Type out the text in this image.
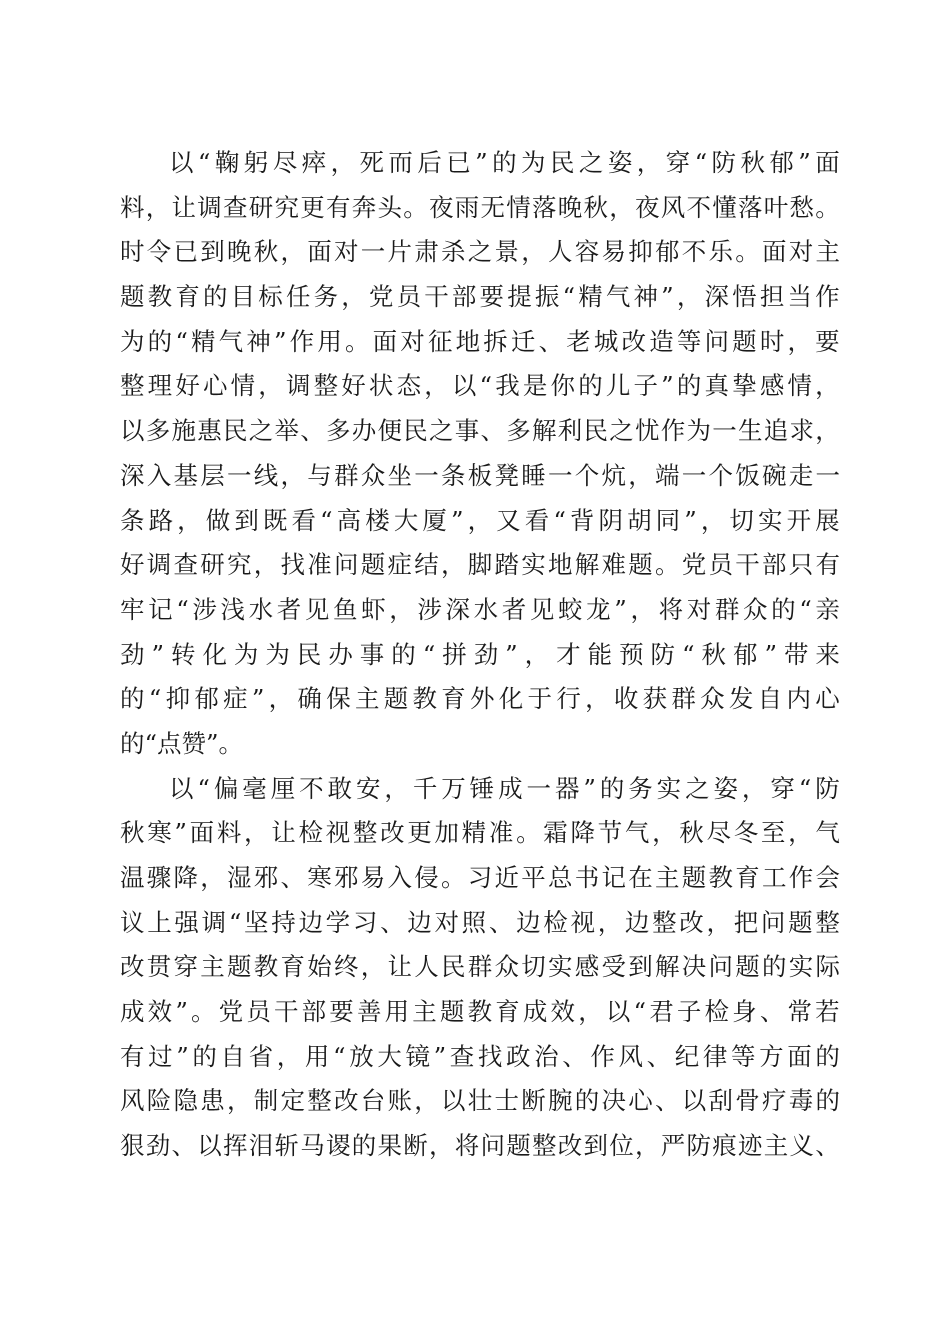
以 “ 鞠 躬 尽 瘁 ， 死 而 后 已 ” 的 为 民 之 姿 ， 穿 “ 防 秋 郁 ” 面
料 ， 让 调 查 研 究 更 有 奔 头 。 夜 雨 无 情 落 晚 秋 ， 夜 风 不 懂 落 叶 愁 。
时 令 已 到 晚 秋 ， 面 对 一 片 肃 杀 之 景 ， 人 容 易 抑 郁 不 乐 。 面 对 主
题 教 育 的 目 标 任 务 ， 党 员 干 部 要 提 振 “ 精 气 神 ” ， 深 悟 担 当 作
为 的 “ 精 气 神 ” 作 用 。 面 对 征 地 拆 迁 、 老 城 改 造 等 问 题 时 ， 要
整 理 好 心 情 ， 调 整 好 状 态 ， 以 “ 我 是 你 的 儿 子 ” 的 真 挚 感 情 ，
以 多 施 惠 民 之 举 、 多 办 便 民 之 事 、 多 解 利 民 之 忧 作 为 一 生 追 求 ，
深 入 基 层 一 线 ， 与 群 众 坐 一 条 板 凳 睡 一 个 炕 ， 端 一 个 饭 碗 走 一
条 路 ， 做 到 既 看 “ 高 楼 大 厦 ” ， 又 看 “ 背 阴 胡 同 ” ， 切 实 开 展
好 调 查 研 究 ， 找 准 问 题 症 结 ， 脚 踏 实 地 解 难 题 。 党 员 干 部 只 有
牢 记 “ 涉 浅 水 者 见 鱼 虾 ， 涉 深 水 者 见 蛟 龙 ” ， 将 对 群 众 的 “ 亲
劲 ” 转 化 为 为 民 办 事 的 “ 拼 劲 ” ， 才 能 预 防 “ 秋 郁 ” 带 来
的 “ 抑 郁 症 ” ， 确 保 主 题 教 育 外 化 于 行 ， 收 获 群 众 发 自 内 心
的“点赞”。
以 “ 偏 毫 厘 不 敢 安 ， 千 万 锤 成 一 器 ” 的 务 实 之 姿 ， 穿 “ 防
秋 寒 ” 面 料 ， 让 检 视 整 改 更 加 精 准 。 霜 降 节 气 ， 秋 尽 冬 至 ， 气
温 骤 降 ， 湿 邪 、 寒 邪 易 入 侵 。 习 近 平 总 书 记 在 主 题 教 育 工 作 会
议 上 强 调 “ 坚 持 边 学 习 、 边 对 照 、 边 检 视 ， 边 整 改 ， 把 问 题 整
改 贯 穿 主 题 教 育 始 终 ， 让 人 民 群 众 切 实 感 受 到 解 决 问 题 的 实 际
成 效 ” 。 党 员 干 部 要 善 用 主 题 教 育 成 效 ， 以 “ 君 子 检 身 、 常 若
有 过 ” 的 自 省 ， 用 “ 放 大 镜 ” 查 找 政 治 、 作 风 、 纪 律 等 方 面 的
风 险 隐 患 ， 制 定 整 改 台 账 ， 以 壮 士 断 腕 的 决 心 、 以 刮 骨 疗 毒 的
狠 劲 、 以 挥 泪 斩 马 谡 的 果 断 ， 将 问 题 整 改 到 位 ， 严 防 痕 迹 主 义 、
